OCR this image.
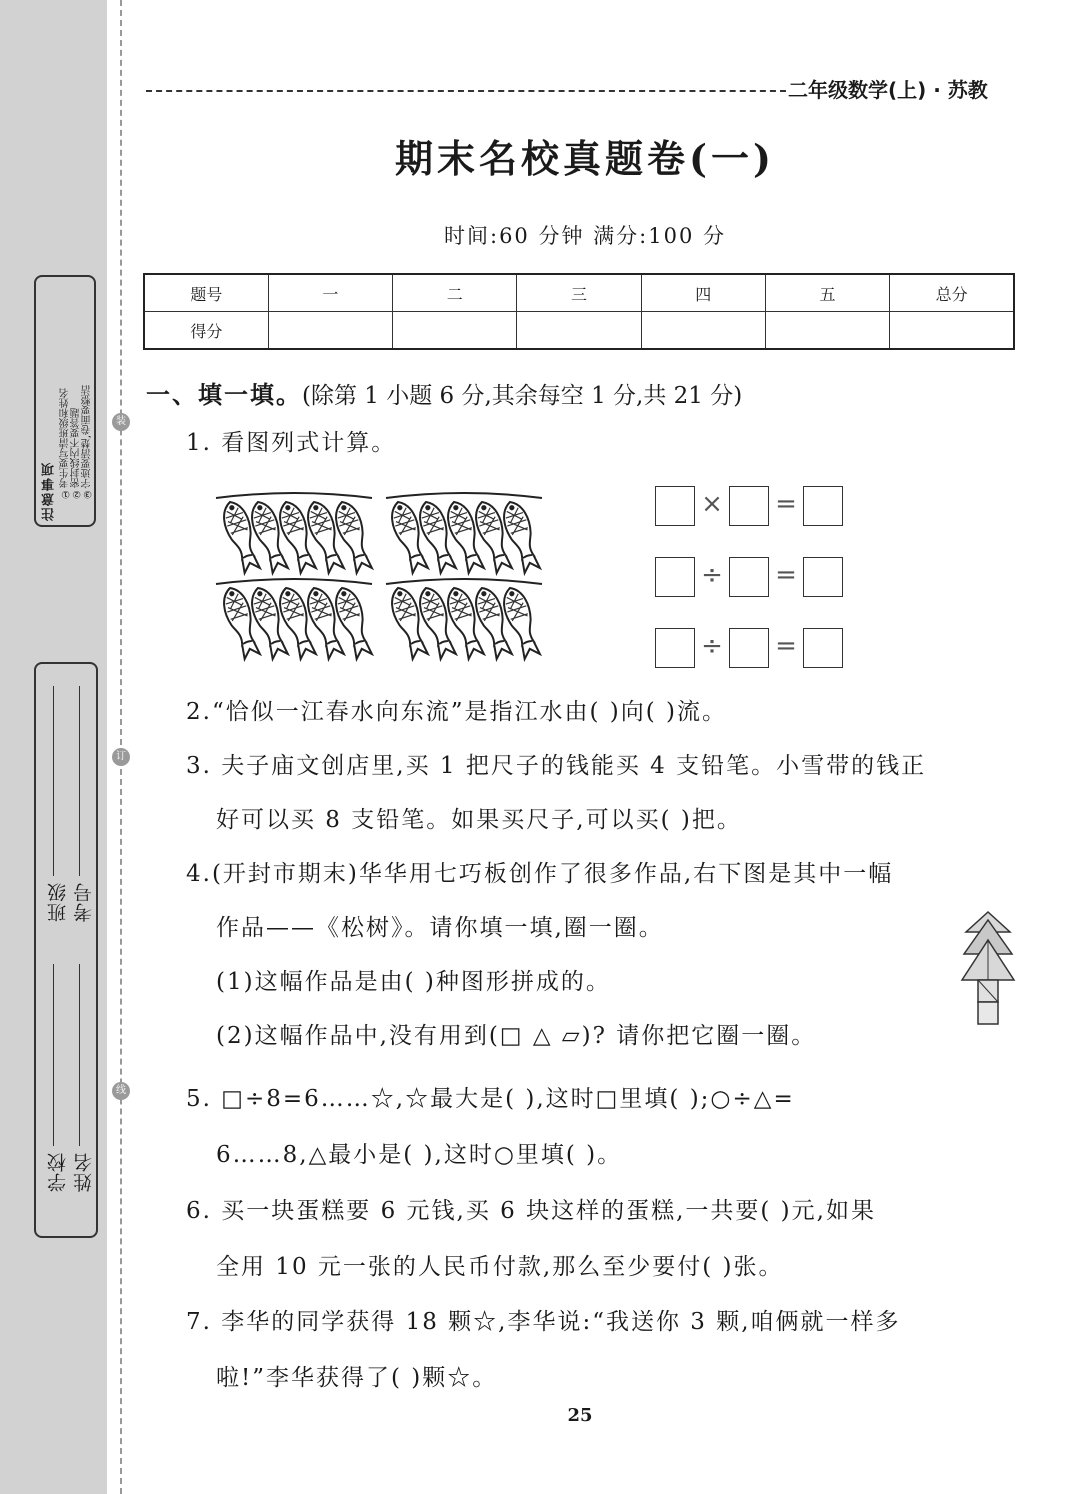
装
订
线
注意事项 ①考生要写清班级和姓名 ②密封线内不要答题 ③字迹要清楚,卷面要整洁
学校 姓名
班级 考号
二年级数学(上) · 苏教
期末名校真题卷(一)
时间:60 分钟 满分:100 分
题号	一	二	三	四	五	总分
得分						
一、填一填。(除第 1 小题 6 分,其余每空 1 分,共 21 分)
1. 看图列式计算。
× =
÷ =
÷ =
2.“恰似一江春水向东流”是指江水由( )向( )流。
3. 夫子庙文创店里,买 1 把尺子的钱能买 4 支铅笔。小雪带的钱正
好可以买 8 支铅笔。如果买尺子,可以买( )把。
4.(开封市期末)华华用七巧板创作了很多作品,右下图是其中一幅
作品——《松树》。请你填一填,圈一圈。
(1)这幅作品是由( )种图形拼成的。
(2)这幅作品中,没有用到(□ △ ▱)? 请你把它圈一圈。
5. □÷8=6……☆,☆最大是( ),这时□里填( );○÷△=
6……8,△最小是( ),这时○里填( )。
6. 买一块蛋糕要 6 元钱,买 6 块这样的蛋糕,一共要( )元,如果
全用 10 元一张的人民币付款,那么至少要付( )张。
7. 李华的同学获得 18 颗☆,李华说:“我送你 3 颗,咱俩就一样多
啦!”李华获得了( )颗☆。
25
